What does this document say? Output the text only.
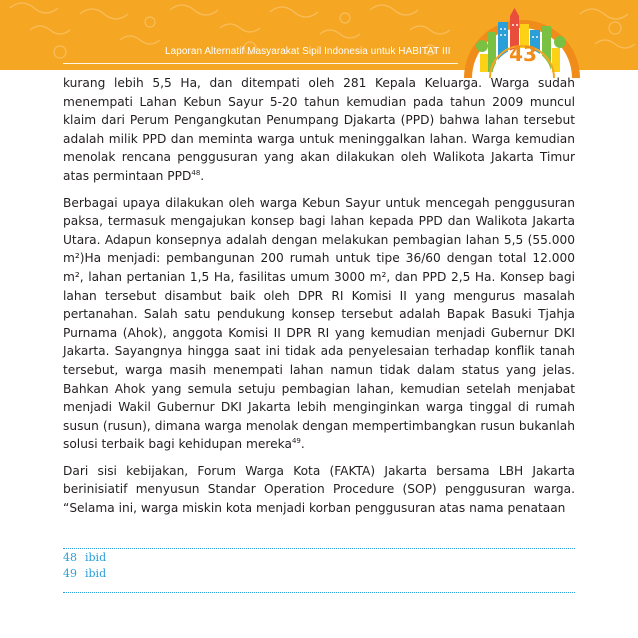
Laporan Alternatif Masyarakat Sipil Indonesia untuk HABITAT III	43

kurang lebih 5,5 Ha, dan ditempati oleh 281 Kepala Keluarga. Warga sudah menempati Lahan Kebun Sayur 5-20 tahun kemudian pada tahun 2009 muncul klaim dari Perum Pengangkutan Penumpang Djakarta (PPD) bahwa lahan tersebut adalah milik PPD dan meminta warga untuk meninggalkan lahan. Warga kemudian menolak rencana penggusuran yang akan dilakukan oleh Walikota Jakarta Timur atas permintaan PPD$^{48}$.

Berbagai upaya dilakukan oleh warga Kebun Sayur untuk mencegah penggusuran paksa, termasuk mengajukan konsep bagi lahan kepada PPD dan Walikota Jakarta Utara. Adapun konsepnya adalah dengan melakukan pembagian lahan 5,5 (55.000 m²)Ha menjadi: pembangunan 200 rumah untuk tipe 36/60 dengan total 12.000 m², lahan pertanian 1,5 Ha, fasilitas umum 3000 m², dan PPD 2,5 Ha. Konsep bagi lahan tersebut disambut baik oleh DPR RI Komisi II yang mengurus masalah pertanahan. Salah satu pendukung konsep tersebut adalah Bapak Basuki Tjahja Purnama (Ahok), anggota Komisi II DPR RI yang kemudian menjadi Gubernur DKI Jakarta. Sayangnya hingga saat ini tidak ada penyelesaian terhadap konflik tanah tersebut, warga masih menempati lahan namun tidak dalam status yang jelas. Bahkan Ahok yang semula setuju pembagian lahan, kemudian setelah menjabat menjadi Wakil Gubernur DKI Jakarta lebih menginginkan warga tinggal di rumah susun (rusun), dimana warga menolak dengan mempertimbangkan rusun bukanlah solusi terbaik bagi kehidupan mereka$^{49}$.

Dari sisi kebijakan, Forum Warga Kota (FAKTA) Jakarta bersama LBH Jakarta berinisiatif menyusun Standar Operation Procedure (SOP) penggusuran warga. “Selama ini, warga miskin kota menjadi korban penggusuran atas nama penataan

48 ibid
49 ibid
